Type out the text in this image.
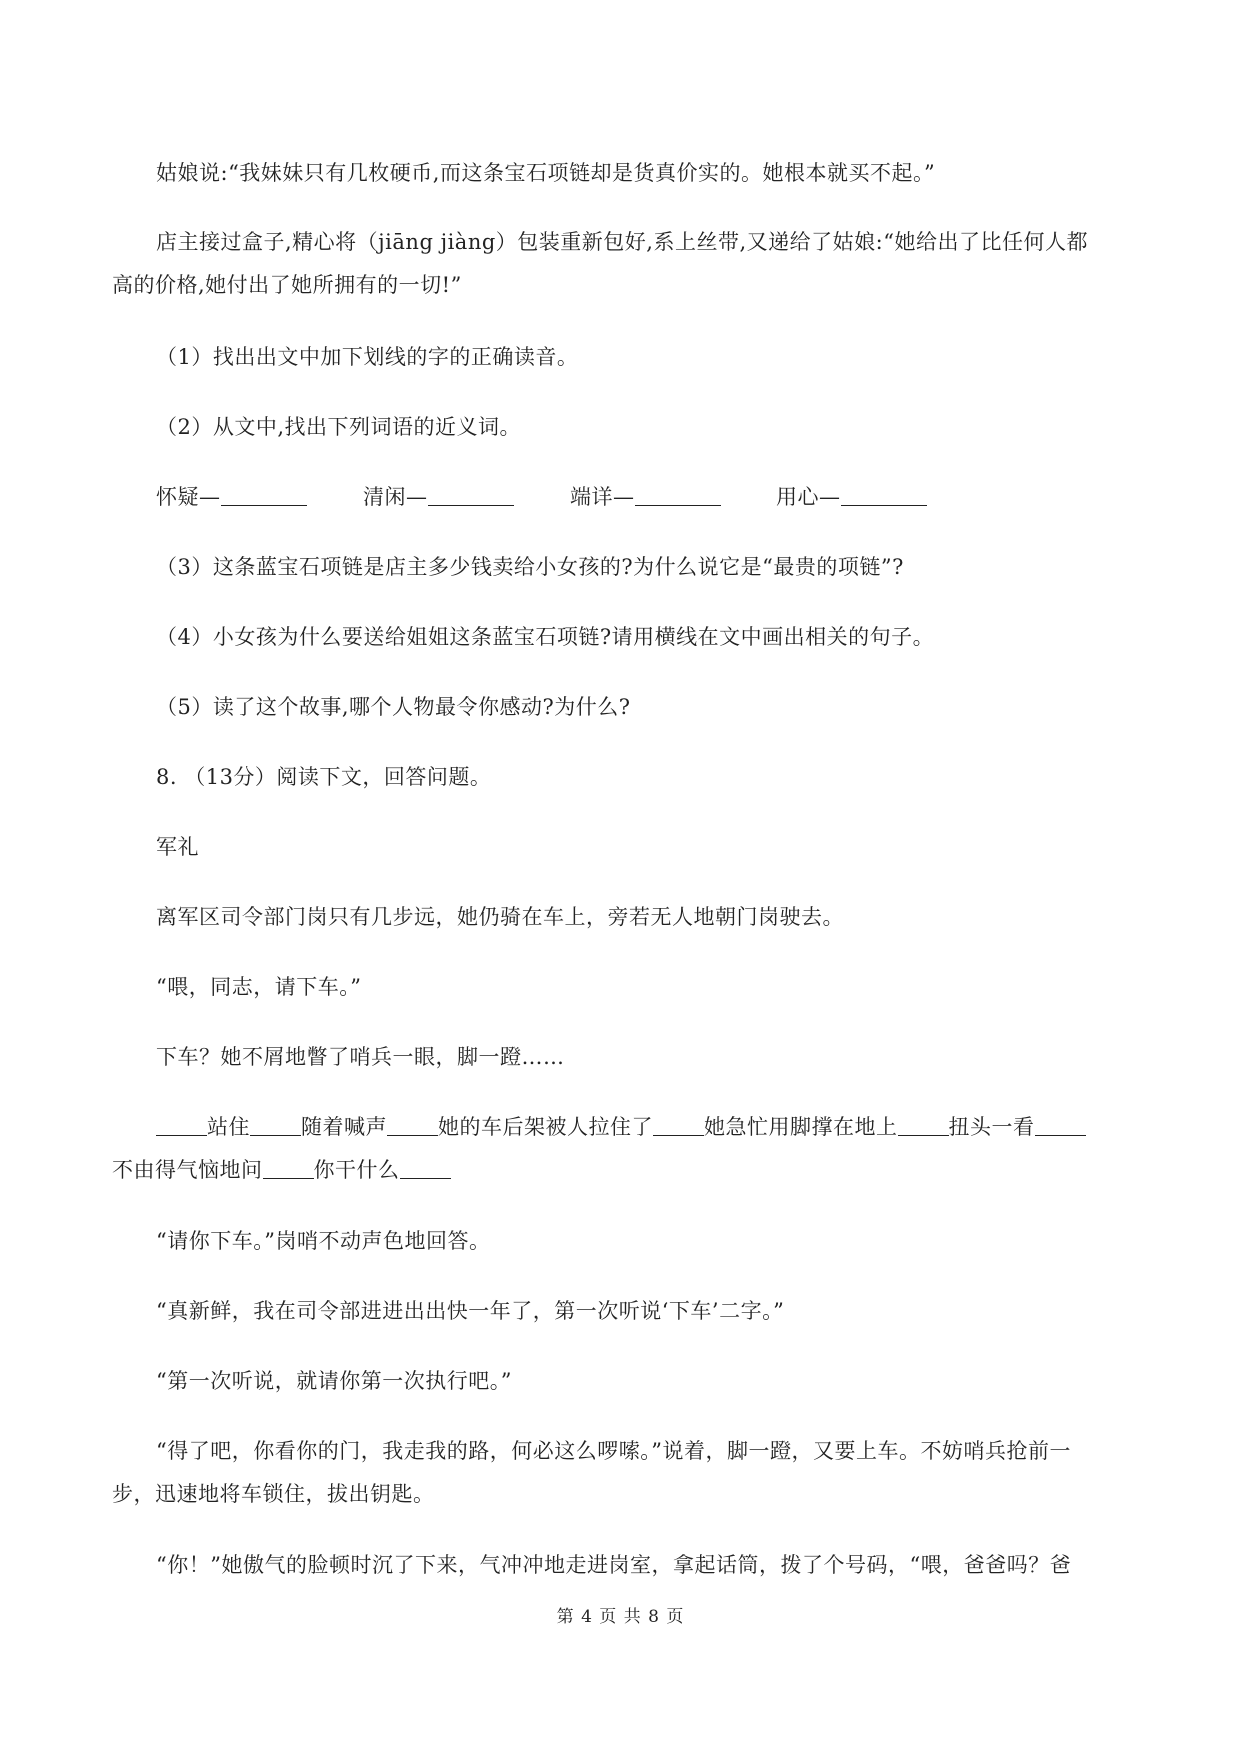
姑娘说:“我妹妹只有几枚硬币,而这条宝石项链却是货真价实的。她根本就买不起。”
店主接过盒子,精心将（jiāng jiàng）包装重新包好,系上丝带,又递给了姑娘:“她给出了比任何人都
高的价格,她付出了她所拥有的一切!”
（1）找出出文中加下划线的字的正确读音。
（2）从文中,找出下列词语的近义词。
怀疑—	清闲—	端详—	用心—
（3）这条蓝宝石项链是店主多少钱卖给小女孩的?为什么说它是“最贵的项链”?
（4）小女孩为什么要送给姐姐这条蓝宝石项链?请用横线在文中画出相关的句子。
（5）读了这个故事,哪个人物最令你感动?为什么?
8. （13分）阅读下文，回答问题。
军礼
离军区司令部门岗只有几步远，她仍骑在车上，旁若无人地朝门岗驶去。
“喂，同志，请下车。”
下车？她不屑地瞥了哨兵一眼，脚一蹬……
站住 随着喊声 她的车后架被人拉住了 她急忙用脚撑在地上 扭头一看
不由得气恼地问 你干什么
“请你下车。”岗哨不动声色地回答。
“真新鲜，我在司令部进进出出快一年了，第一次听说‘下车’二字。”
“第一次听说，就请你第一次执行吧。”
“得了吧，你看你的门，我走我的路，何必这么啰嗦。”说着，脚一蹬，又要上车。不妨哨兵抢前一
步，迅速地将车锁住，拔出钥匙。
“你！”她傲气的脸顿时沉了下来，气冲冲地走进岗室，拿起话筒，拨了个号码，“喂，爸爸吗？爸
第 4 页 共 8 页
